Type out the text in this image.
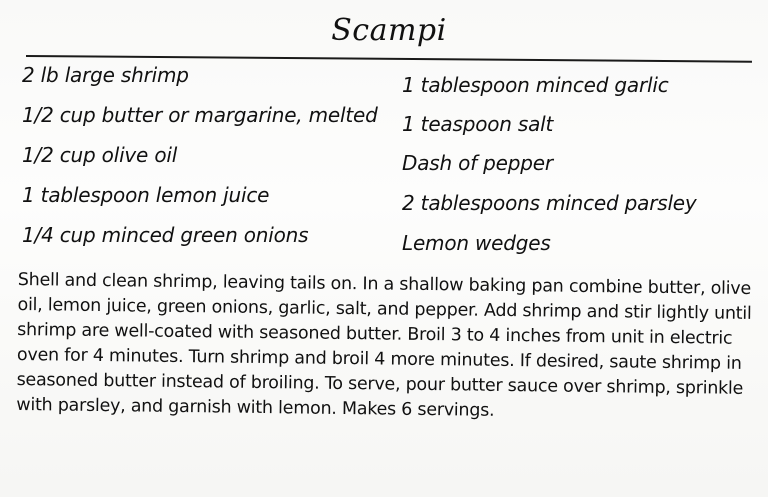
Scampi
2 lb large shrimp
1/2 cup butter or margarine, melted
1/2 cup olive oil
1 tablespoon lemon juice
1/4 cup minced green onions
1 tablespoon minced garlic
1 teaspoon salt
Dash of pepper
2 tablespoons minced parsley
Lemon wedges

Shell and clean shrimp, leaving tails on. In a shallow baking pan combine butter, olive oil, lemon juice, green onions, garlic, salt, and pepper. Add shrimp and stir lightly until shrimp are well-coated with seasoned butter. Broil 3 to 4 inches from unit in electric oven for 4 minutes. Turn shrimp and broil 4 more minutes. If desired, saute shrimp in seasoned butter instead of broiling. To serve, pour butter sauce over shrimp, sprinkle with parsley, and garnish with lemon. Makes 6 servings.
